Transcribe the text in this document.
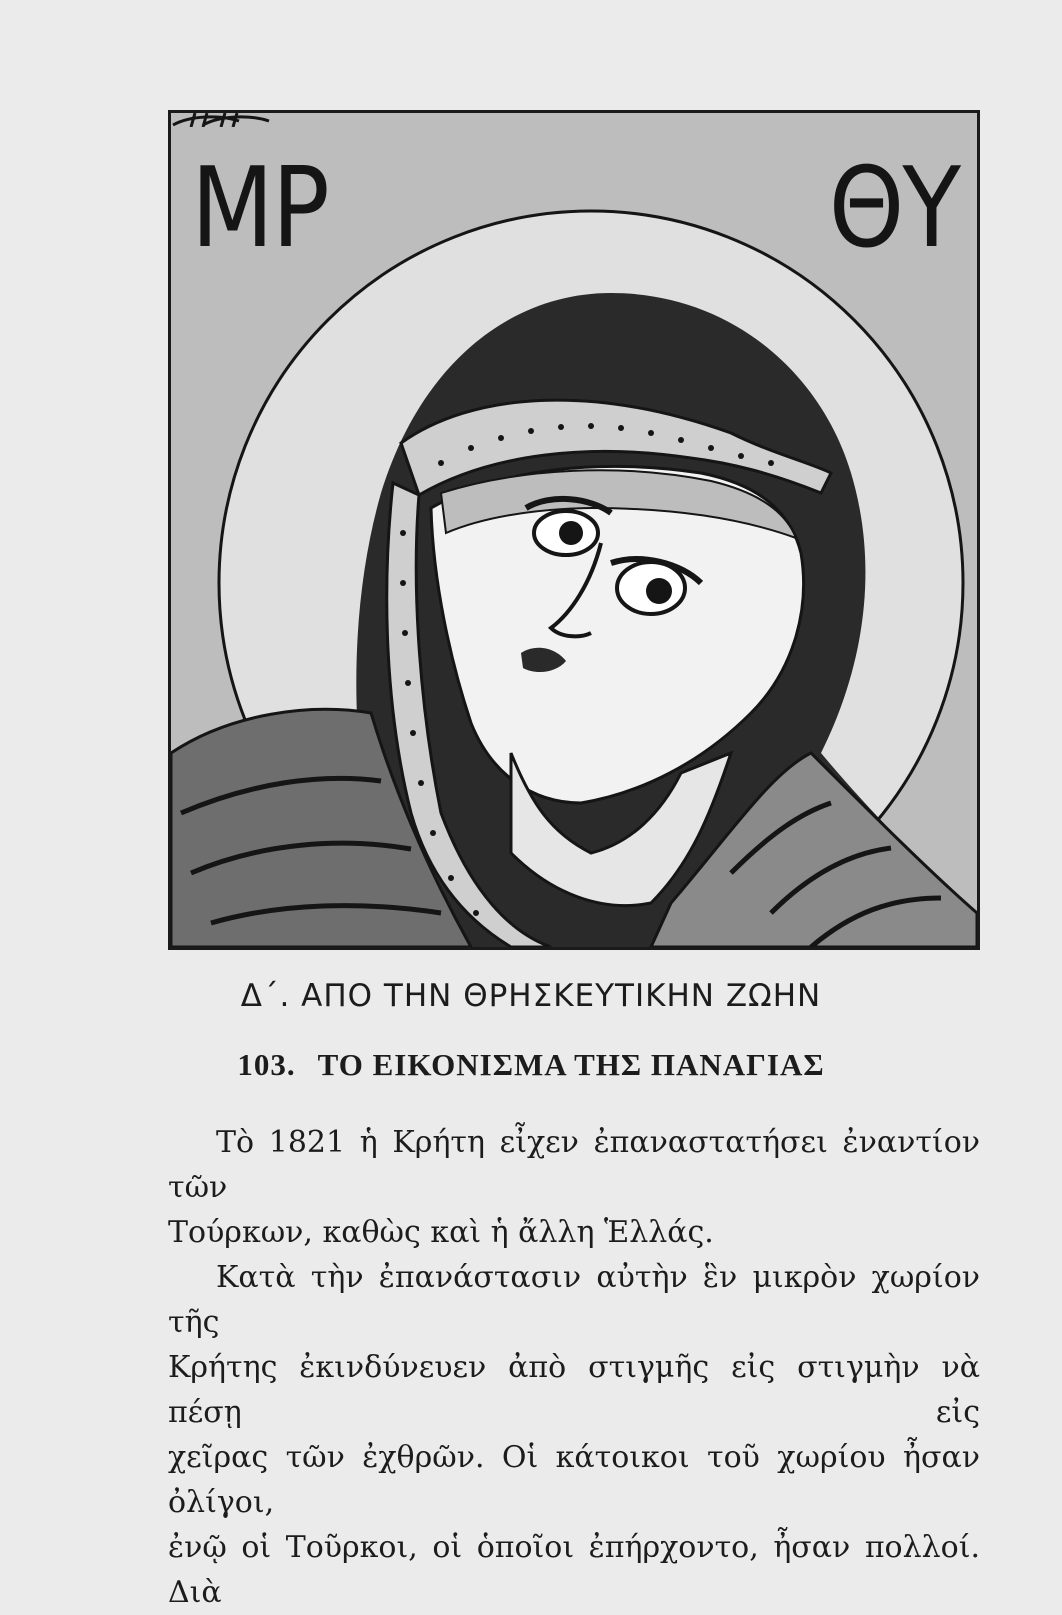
ΜΡ	ΘΥ
Δ΄. ΑΠΟ ΤΗΝ ΘΡΗΣΚΕΥΤΙΚΗΝ ΖΩΗΝ
103. ΤΟ ΕΙΚΟΝΙΣΜΑ ΤΗΣ ΠΑΝΑΓΙΑΣ

Τὸ 1821 ἡ Κρήτη εἶχεν ἐπαναστατήσει ἐναντίον τῶν

Τούρκων, καθὼς καὶ ἡ ἄλλη Ἑλλάς.

Κατὰ τὴν ἐπανάστασιν αὐτὴν ἓν μικρὸν χωρίον τῆς

Κρήτης ἐκινδύνευεν ἀπὸ στιγμῆς εἰς στιγμὴν νὰ πέσῃ εἰς

χεῖρας τῶν ἐχθρῶν. Οἱ κάτοικοι τοῦ χωρίου ἦσαν ὀλίγοι,

ἐνῷ οἱ Τοῦρκοι, οἱ ὁποῖοι ἐπήρχοντο, ἦσαν πολλοί. Διὰ
